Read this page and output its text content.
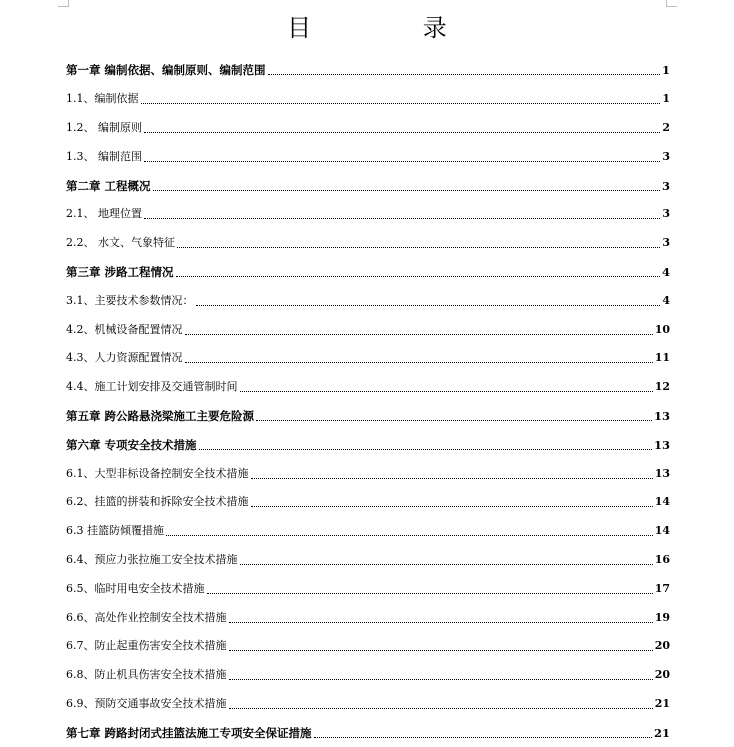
目 录
第一章 编制依据、编制原则、编制范围	1
1.1、编制依据	1
1.2、 编制原则	2
1.3、 编制范围	3
第二章 工程概况	3
2.1、 地理位置	3
2.2、 水文、气象特征	3
第三章 涉路工程情况	4
3.1、主要技术参数情况：	4
4.2、机械设备配置情况	10
4.3、人力资源配置情况	11
4.4、施工计划安排及交通管制时间	12
第五章 跨公路悬浇梁施工主要危险源	13
第六章 专项安全技术措施	13
6.1、大型非标设备控制安全技术措施	13
6.2、挂篮的拼装和拆除安全技术措施	14
6.3 挂篮防倾覆措施	14
6.4、预应力张拉施工安全技术措施	16
6.5、临时用电安全技术措施	17
6.6、高处作业控制安全技术措施	19
6.7、防止起重伤害安全技术措施	20
6.8、防止机具伤害安全技术措施	20
6.9、预防交通事故安全技术措施	21
第七章 跨路封闭式挂篮法施工专项安全保证措施	21
